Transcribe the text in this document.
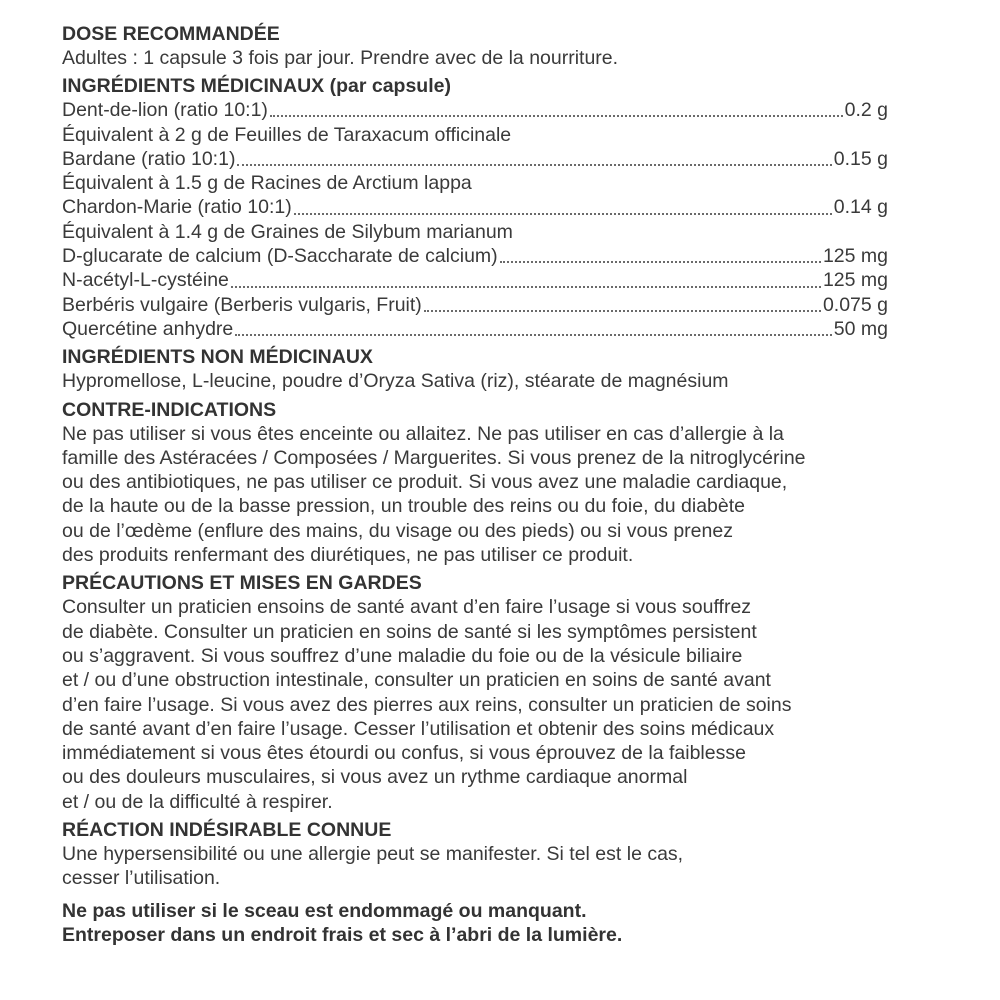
DOSE RECOMMANDÉE

Adultes : 1 capsule 3 fois par jour. Prendre avec de la nourriture.

INGRÉDIENTS MÉDICINAUX (par capsule)

Dent-de-lion (ratio 10:1)	0.2 g

Équivalent à 2 g de Feuilles de Taraxacum officinale

Bardane (ratio 10:1)	0.15 g

Équivalent à 1.5 g de Racines de Arctium lappa

Chardon-Marie (ratio 10:1)	0.14 g

Équivalent à 1.4 g de Graines de Silybum marianum

D-glucarate de calcium (D-Saccharate de calcium)	125 mg
N-acétyl-L-cystéine	125 mg
Berbéris vulgaire (Berberis vulgaris, Fruit)	0.075 g
Quercétine anhydre	50 mg

INGRÉDIENTS NON MÉDICINAUX

Hypromellose, L-leucine, poudre d’Oryza Sativa (riz), stéarate de magnésium

CONTRE-INDICATIONS

Ne pas utiliser si vous êtes enceinte ou allaitez. Ne pas utiliser en cas d’allergie à la

famille des Astéracées / Composées / Marguerites. Si vous prenez de la nitroglycérine

ou des antibiotiques, ne pas utiliser ce produit. Si vous avez une maladie cardiaque,

de la haute ou de la basse pression, un trouble des reins ou du foie, du diabète

ou de l’œdème (enflure des mains, du visage ou des pieds) ou si vous prenez

des produits renfermant des diurétiques, ne pas utiliser ce produit.

PRÉCAUTIONS ET MISES EN GARDES

Consulter un praticien ensoins de santé avant d’en faire l’usage si vous souffrez

de diabète. Consulter un praticien en soins de santé si les symptômes persistent

ou s’aggravent. Si vous souffrez d’une maladie du foie ou de la vésicule biliaire

et / ou d’une obstruction intestinale, consulter un praticien en soins de santé avant

d’en faire l’usage. Si vous avez des pierres aux reins, consulter un praticien de soins

de santé avant d’en faire l’usage. Cesser l’utilisation et obtenir des soins médicaux

immédiatement si vous êtes étourdi ou confus, si vous éprouvez de la faiblesse

ou des douleurs musculaires, si vous avez un rythme cardiaque anormal

et / ou de la difficulté à respirer.

RÉACTION INDÉSIRABLE CONNUE

Une hypersensibilité ou une allergie peut se manifester. Si tel est le cas,

cesser l’utilisation.

Ne pas utiliser si le sceau est endommagé ou manquant.

Entreposer dans un endroit frais et sec à l’abri de la lumière.
